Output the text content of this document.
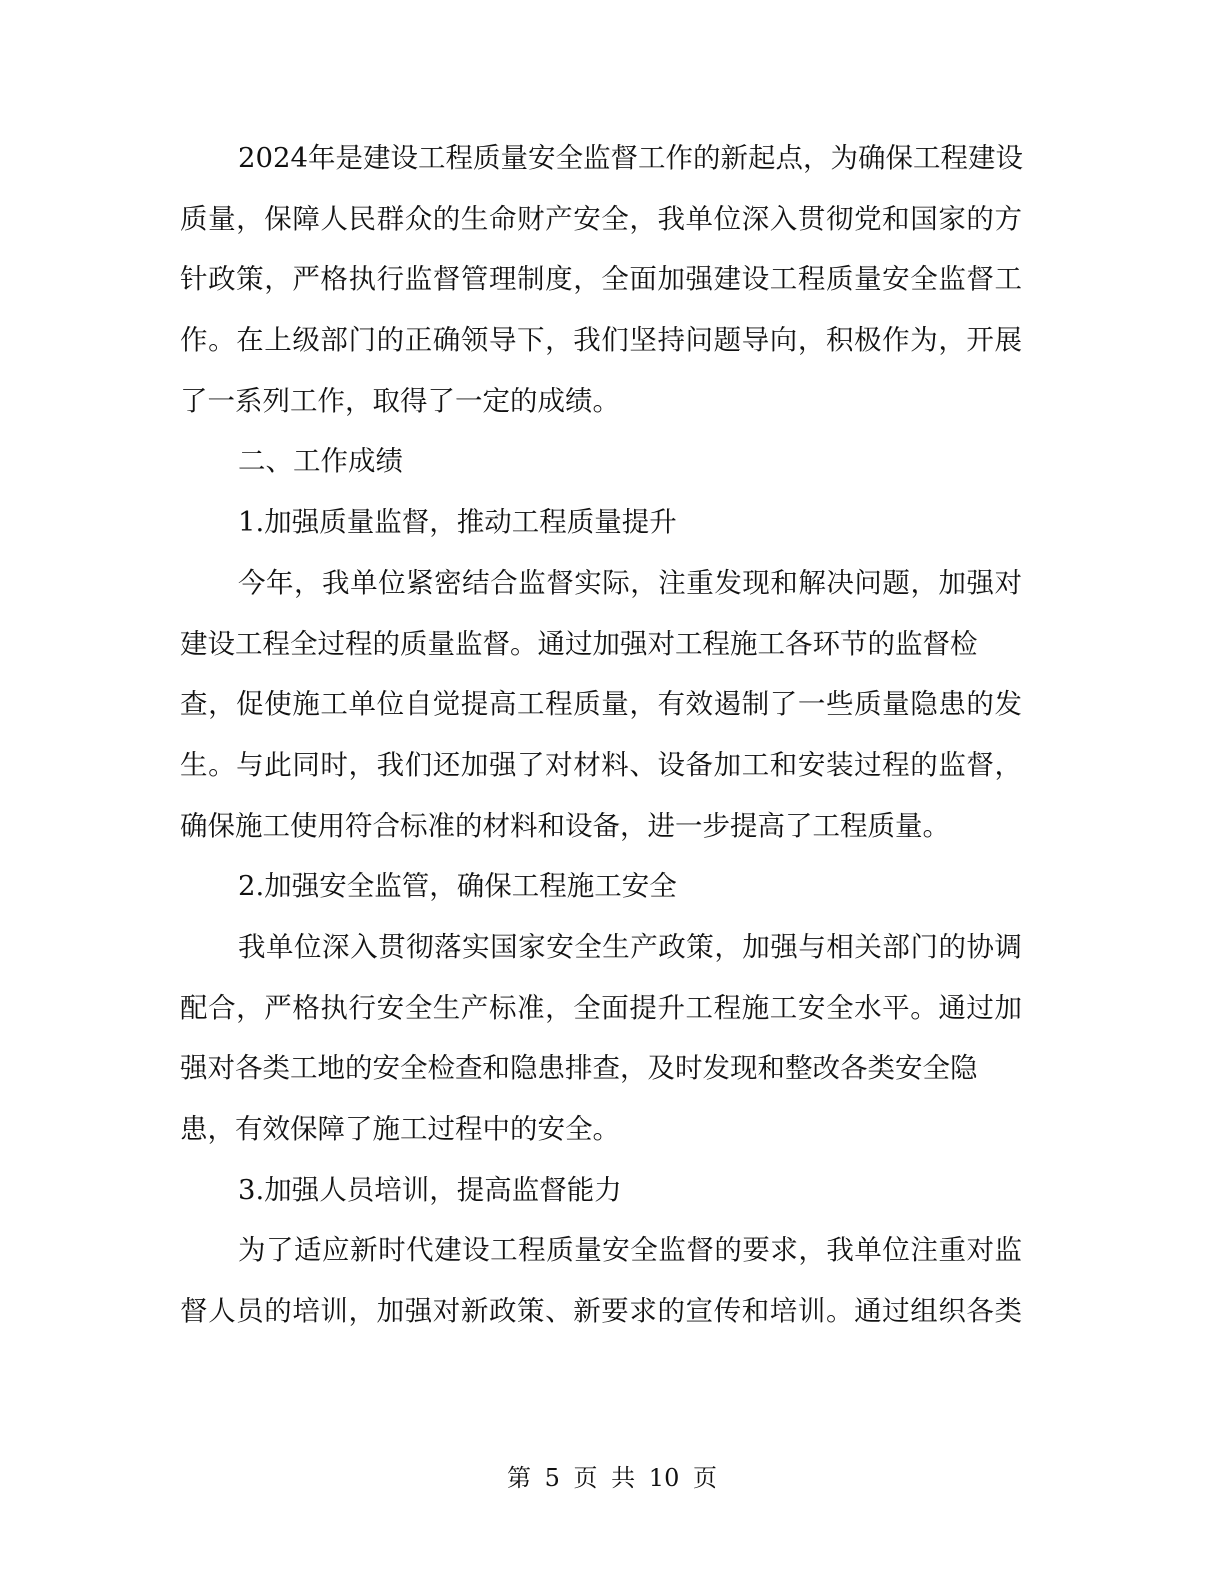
2024年是建设工程质量安全监督工作的新起点，为确保工程建设
质量，保障人民群众的生命财产安全，我单位深入贯彻党和国家的方
针政策，严格执行监督管理制度，全面加强建设工程质量安全监督工
作。在上级部门的正确领导下，我们坚持问题导向，积极作为，开展
了一系列工作，取得了一定的成绩。
二、工作成绩
1.加强质量监督，推动工程质量提升
今年，我单位紧密结合监督实际，注重发现和解决问题，加强对
建设工程全过程的质量监督。通过加强对工程施工各环节的监督检
查，促使施工单位自觉提高工程质量，有效遏制了一些质量隐患的发
生。与此同时，我们还加强了对材料、设备加工和安装过程的监督，
确保施工使用符合标准的材料和设备，进一步提高了工程质量。
2.加强安全监管，确保工程施工安全
我单位深入贯彻落实国家安全生产政策，加强与相关部门的协调
配合，严格执行安全生产标准，全面提升工程施工安全水平。通过加
强对各类工地的安全检查和隐患排查，及时发现和整改各类安全隐
患，有效保障了施工过程中的安全。
3.加强人员培训，提高监督能力
为了适应新时代建设工程质量安全监督的要求，我单位注重对监
督人员的培训，加强对新政策、新要求的宣传和培训。通过组织各类
第 5 页 共 10 页
